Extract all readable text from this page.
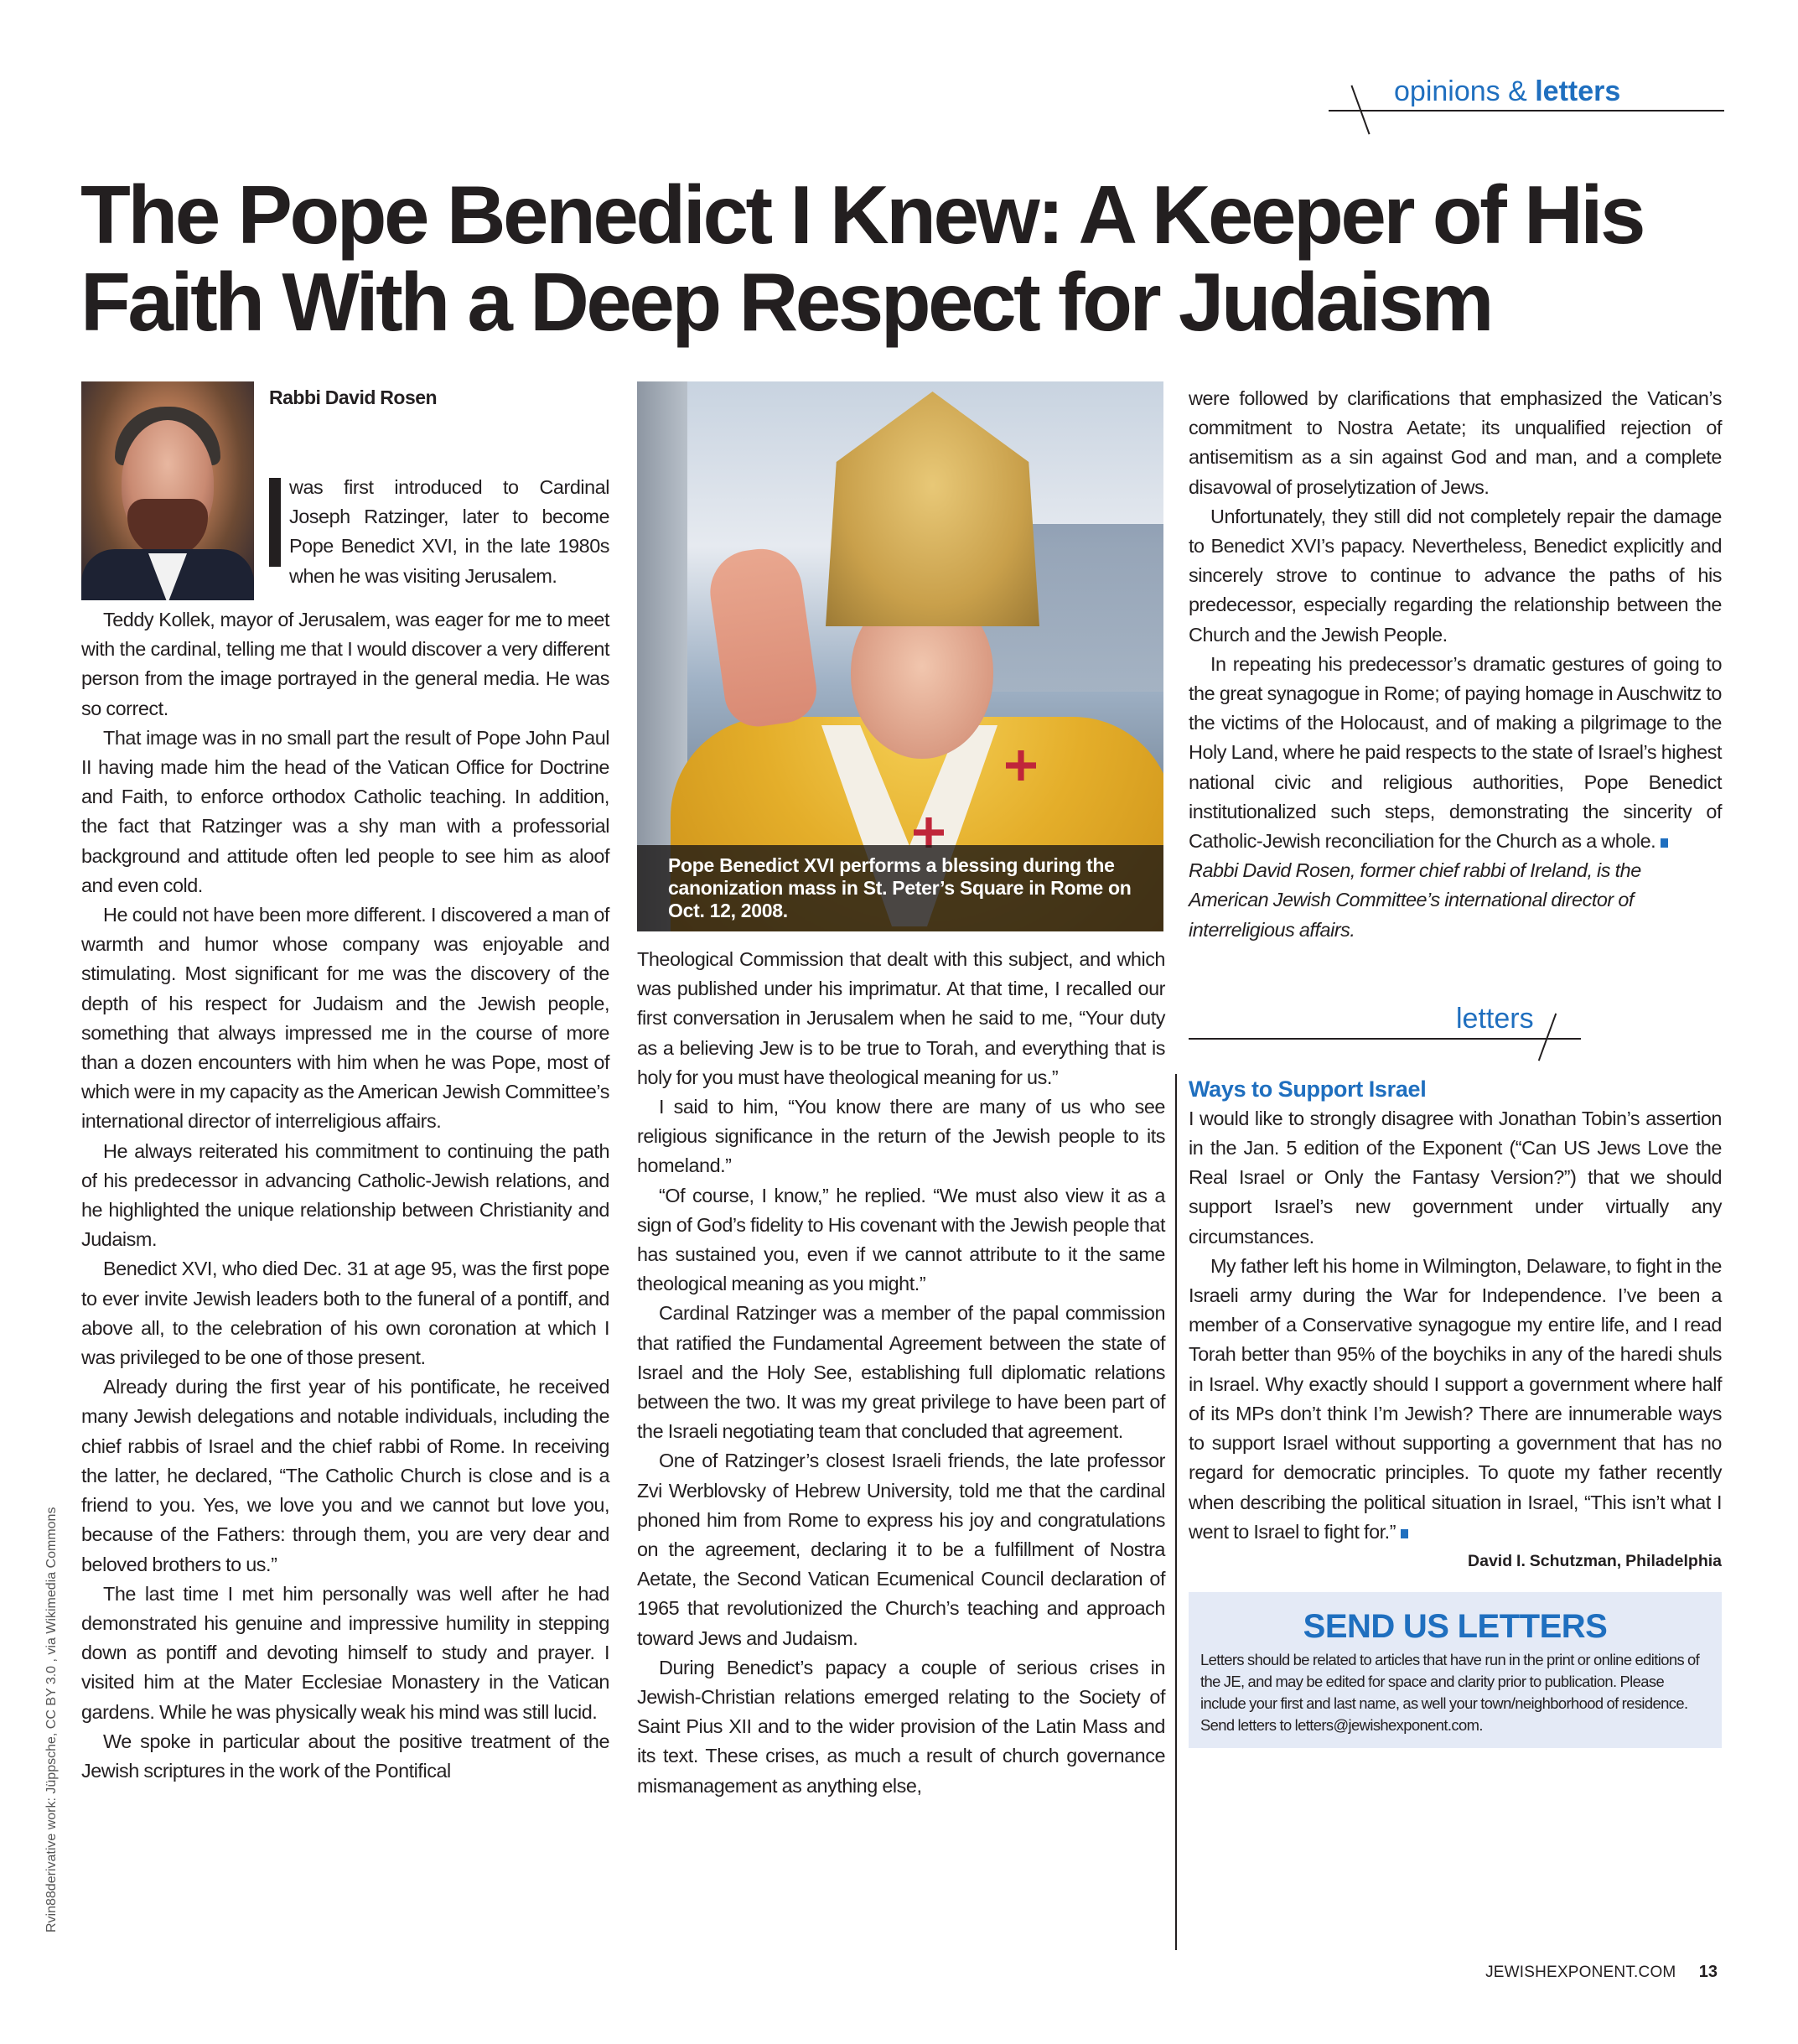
opinions & letters
The Pope Benedict I Knew: A Keeper of His Faith With a Deep Respect for Judaism
Rabbi David Rosen

was first introduced to Cardinal Joseph Ratzinger, later to become Pope Benedict XVI, in the late 1980s when he was visiting Jerusalem.

Teddy Kollek, mayor of Jerusalem, was eager for me to meet with the cardinal, telling me that I would discover a very different person from the image portrayed in the general media. He was so correct.

That image was in no small part the result of Pope John Paul II having made him the head of the Vatican Office for Doctrine and Faith, to enforce orthodox Catholic teaching. In addition, the fact that Ratzinger was a shy man with a professorial background and attitude often led people to see him as aloof and even cold.

He could not have been more different. I discovered a man of warmth and humor whose company was enjoyable and stimulating. Most significant for me was the discovery of the depth of his respect for Judaism and the Jewish people, something that always impressed me in the course of more than a dozen encounters with him when he was Pope, most of which were in my capacity as the American Jewish Committee’s international director of interreligious affairs.

He always reiterated his commitment to continuing the path of his predecessor in advancing Catholic-Jewish relations, and he highlighted the unique relationship between Christianity and Judaism.

Benedict XVI, who died Dec. 31 at age 95, was the first pope to ever invite Jewish leaders both to the funeral of a pontiff, and above all, to the celebration of his own coronation at which I was privileged to be one of those present.

Already during the first year of his pontificate, he received many Jewish delegations and notable individuals, including the chief rabbis of Israel and the chief rabbi of Rome. In receiving the latter, he declared, “The Catholic Church is close and is a friend to you. Yes, we love you and we cannot but love you, because of the Fathers: through them, you are very dear and beloved brothers to us.”

The last time I met him personally was well after he had demonstrated his genuine and impressive humility in stepping down as pontiff and devoting himself to study and prayer. I visited him at the Mater Ecclesiae Monastery in the Vatican gardens. While he was physically weak his mind was still lucid.

We spoke in particular about the positive treatment of the Jewish scriptures in the work of the Pontifical

Pope Benedict XVI performs a blessing during the canonization mass in St. Peter’s Square in Rome on Oct. 12, 2008.

Theological Commission that dealt with this subject, and which was published under his imprimatur. At that time, I recalled our first conversation in Jerusalem when he said to me, “Your duty as a believing Jew is to be true to Torah, and everything that is holy for you must have theological meaning for us.”

I said to him, “You know there are many of us who see religious significance in the return of the Jewish people to its homeland.”

“Of course, I know,” he replied. “We must also view it as a sign of God’s fidelity to His covenant with the Jewish people that has sustained you, even if we cannot attribute to it the same theological meaning as you might.”

Cardinal Ratzinger was a member of the papal commission that ratified the Fundamental Agreement between the state of Israel and the Holy See, establishing full diplomatic relations between the two. It was my great privilege to have been part of the Israeli negotiating team that concluded that agreement.

One of Ratzinger’s closest Israeli friends, the late professor Zvi Werblovsky of Hebrew University, told me that the cardinal phoned him from Rome to express his joy and congratulations on the agreement, declaring it to be a fulfillment of Nostra Aetate, the Second Vatican Ecumenical Council declaration of 1965 that revolutionized the Church’s teaching and approach toward Jews and Judaism.

During Benedict’s papacy a couple of serious crises in Jewish-Christian relations emerged relating to the Society of Saint Pius XII and to the wider provision of the Latin Mass and its text. These crises, as much a result of church governance mismanagement as anything else,

were followed by clarifications that emphasized the Vatican’s commitment to Nostra Aetate; its unqualified rejection of antisemitism as a sin against God and man, and a complete disavowal of proselytization of Jews.

Unfortunately, they still did not completely repair the damage to Benedict XVI’s papacy. Nevertheless, Benedict explicitly and sincerely strove to continue to advance the paths of his predecessor, especially regarding the relationship between the Church and the Jewish People.

In repeating his predecessor’s dramatic gestures of going to the great synagogue in Rome; of paying homage in Auschwitz to the victims of the Holocaust, and of making a pilgrimage to the Holy Land, where he paid respects to the state of Israel’s highest national civic and religious authorities, Pope Benedict institutionalized such steps, demonstrating the sincerity of Catholic-Jewish reconciliation for the Church as a whole.

Rabbi David Rosen, former chief rabbi of Ireland, is the American Jewish Committee’s international director of interreligious affairs.

letters
Ways to Support Israel

I would like to strongly disagree with Jonathan Tobin’s assertion in the Jan. 5 edition of the Exponent (“Can US Jews Love the Real Israel or Only the Fantasy Version?”) that we should support Israel’s new government under virtually any circumstances.

My father left his home in Wilmington, Delaware, to fight in the Israeli army during the War for Independence. I’ve been a member of a Conservative synagogue my entire life, and I read Torah better than 95% of the boychiks in any of the haredi shuls in Israel. Why exactly should I support a government where half of its MPs don’t think I’m Jewish? There are innumerable ways to support Israel without supporting a government that has no regard for democratic principles. To quote my father recently when describing the political situation in Israel, “This isn’t what I went to Israel to fight for.”

David I. Schutzman, Philadelphia
SEND US LETTERS

Letters should be related to articles that have run in the print or online editions of the JE, and may be edited for space and clarity prior to publication. Please include your first and last name, as well your town/neighborhood of residence. Send letters to letters@jewishexponent.com.

JEWISHEXPONENT.COM 13
Rvin88derivative work: Jüppsche, CC BY 3.0 , via Wikimedia Commons
